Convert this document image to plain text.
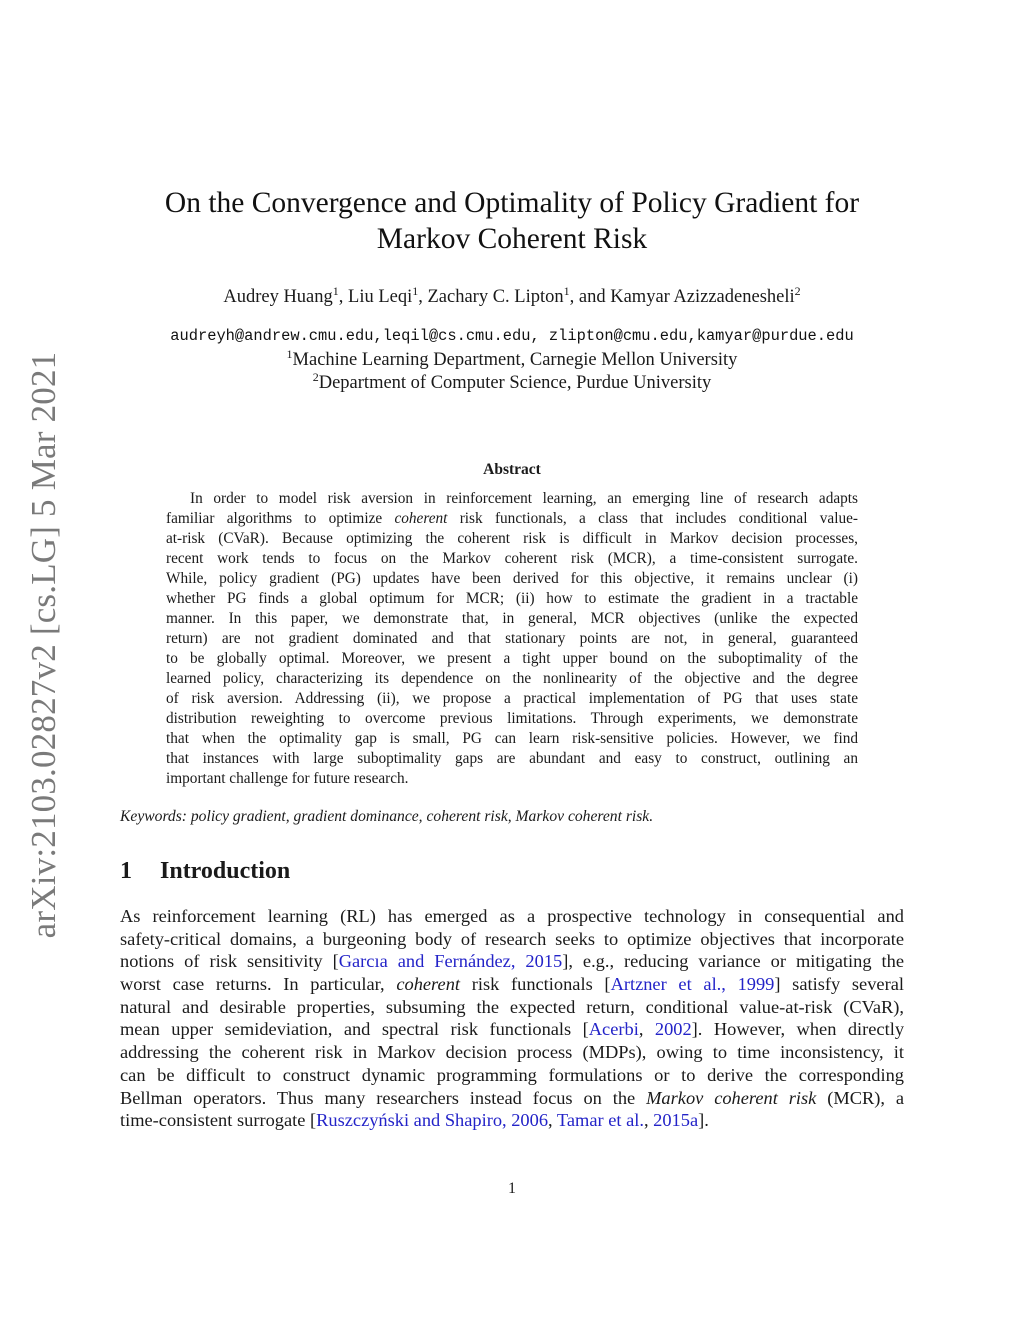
arXiv:2103.02827v2 [cs.LG] 5 Mar 2021
On the Convergence and Optimality of Policy Gradient for
Markov Coherent Risk
Audrey Huang$^1$, Liu Leqi$^1$, Zachary C. Lipton$^1$, and Kamyar Azizzadenesheli$^2$
audreyh@andrew.cmu.edu,leqil@cs.cmu.edu, zlipton@cmu.edu,kamyar@purdue.edu
$^1$Machine Learning Department, Carnegie Mellon University
$^2$Department of Computer Science, Purdue University
Abstract
In order to model risk aversion in reinforcement learning, an emerging line of research adapts
familiar algorithms to optimize coherent risk functionals, a class that includes conditional value-
at-risk (CVaR). Because optimizing the coherent risk is difficult in Markov decision processes,
recent work tends to focus on the Markov coherent risk (MCR), a time-consistent surrogate.
While, policy gradient (PG) updates have been derived for this objective, it remains unclear (i)
whether PG finds a global optimum for MCR; (ii) how to estimate the gradient in a tractable
manner. In this paper, we demonstrate that, in general, MCR objectives (unlike the expected
return) are not gradient dominated and that stationary points are not, in general, guaranteed
to be globally optimal. Moreover, we present a tight upper bound on the suboptimality of the
learned policy, characterizing its dependence on the nonlinearity of the objective and the degree
of risk aversion. Addressing (ii), we propose a practical implementation of PG that uses state
distribution reweighting to overcome previous limitations. Through experiments, we demonstrate
that when the optimality gap is small, PG can learn risk-sensitive policies. However, we find
that instances with large suboptimality gaps are abundant and easy to construct, outlining an
important challenge for future research.
Keywords: policy gradient, gradient dominance, coherent risk, Markov coherent risk.
1 Introduction
As reinforcement learning (RL) has emerged as a prospective technology in consequential and
safety-critical domains, a burgeoning body of research seeks to optimize objectives that incorporate
notions of risk sensitivity [Garcıa and Fernández, 2015], e.g., reducing variance or mitigating the
worst case returns. In particular, coherent risk functionals [Artzner et al., 1999] satisfy several
natural and desirable properties, subsuming the expected return, conditional value-at-risk (CVaR),
mean upper semideviation, and spectral risk functionals [Acerbi, 2002]. However, when directly
addressing the coherent risk in Markov decision process (MDPs), owing to time inconsistency, it
can be difficult to construct dynamic programming formulations or to derive the corresponding
Bellman operators. Thus many researchers instead focus on the Markov coherent risk (MCR), a
time-consistent surrogate [Ruszczyński and Shapiro, 2006, Tamar et al., 2015a].
1
